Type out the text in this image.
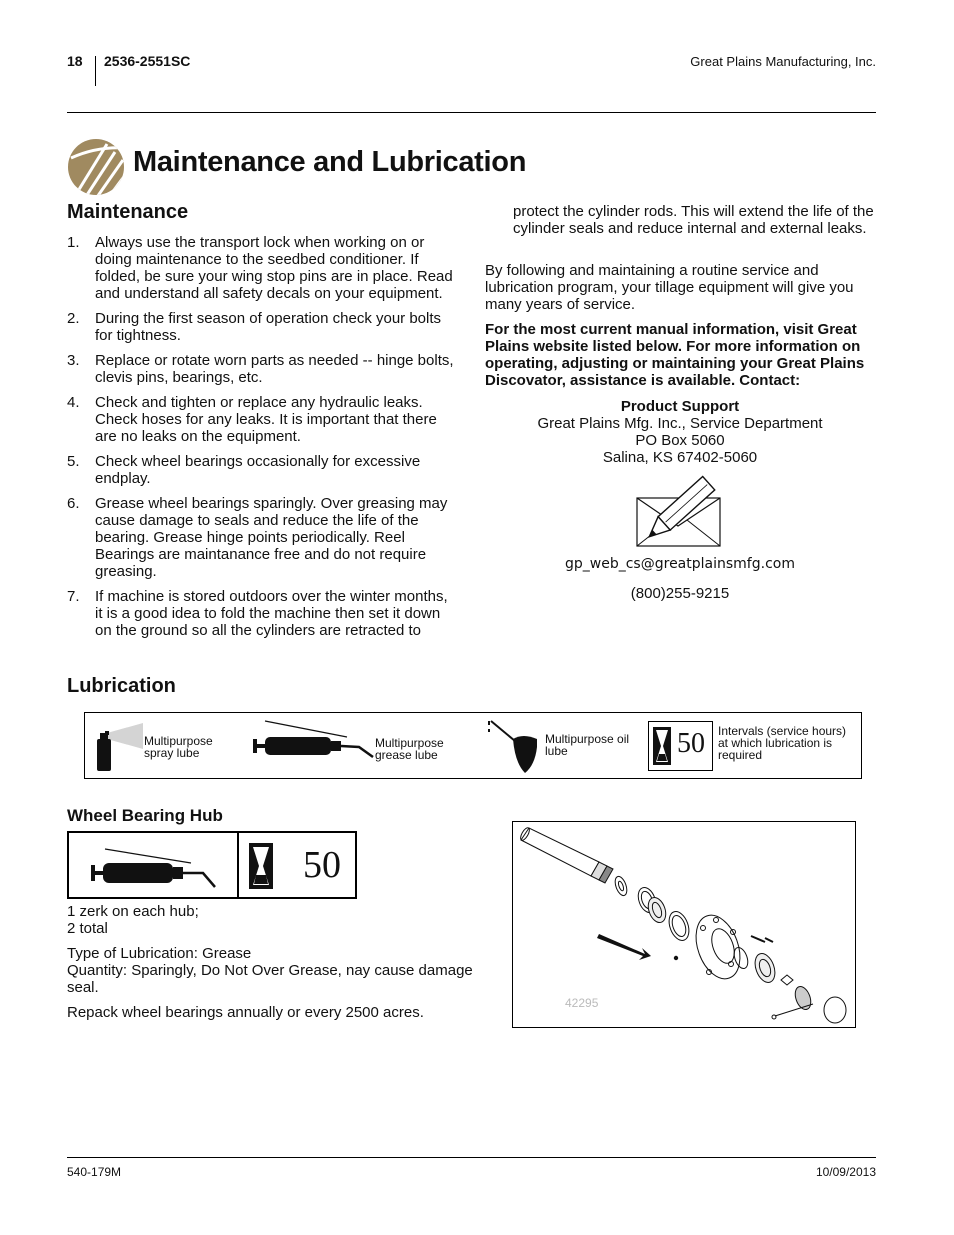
18 2536-2551SC	Great Plains Manufacturing, Inc.
Maintenance and Lubrication
Maintenance
1. Always use the transport lock when working on or doing maintenance to the seedbed conditioner. If folded, be sure your wing stop pins are in place. Read and understand all safety decals on your equipment.
2. During the first season of operation check your bolts for tightness.
3. Replace or rotate worn parts as needed -- hinge bolts, clevis pins, bearings, etc.
4. Check and tighten or replace any hydraulic leaks. Check hoses for any leaks. It is important that there are no leaks on the equipment.
5. Check wheel bearings occasionally for excessive endplay.
6. Grease wheel bearings sparingly. Over greasing may cause damage to seals and reduce the life of the bearing. Grease hinge points periodically. Reel Bearings are maintanance free and do not require greasing.
7. If machine is stored outdoors over the winter months, it is a good idea to fold the machine then set it down on the ground so all the cylinders are retracted to
protect the cylinder rods. This will extend the life of the cylinder seals and reduce internal and external leaks.
By following and maintaining a routine service and lubrication program, your tillage equipment will give you many years of service.
For the most current manual information, visit Great Plains website listed below. For more information on operating, adjusting or maintaining your Great Plains Discovator, assistance is available. Contact:
Product Support
Great Plains Mfg. Inc., Service Department
PO Box 5060
Salina, KS 67402-5060
gp_web_cs@greatplainsmfg.com
(800)255-9215
Lubrication
Multipurpose spray lube
Multipurpose grease lube
Multipurpose oil lube	50 Intervals (service hours) at which lubrication is required
Wheel Bearing Hub
50
1 zerk on each hub;
2 total
Type of Lubrication: Grease
Quantity: Sparingly, Do Not Over Grease, nay cause damage seal.
Repack wheel bearings annually or every 2500 acres.
42295
540-179M	10/09/2013
